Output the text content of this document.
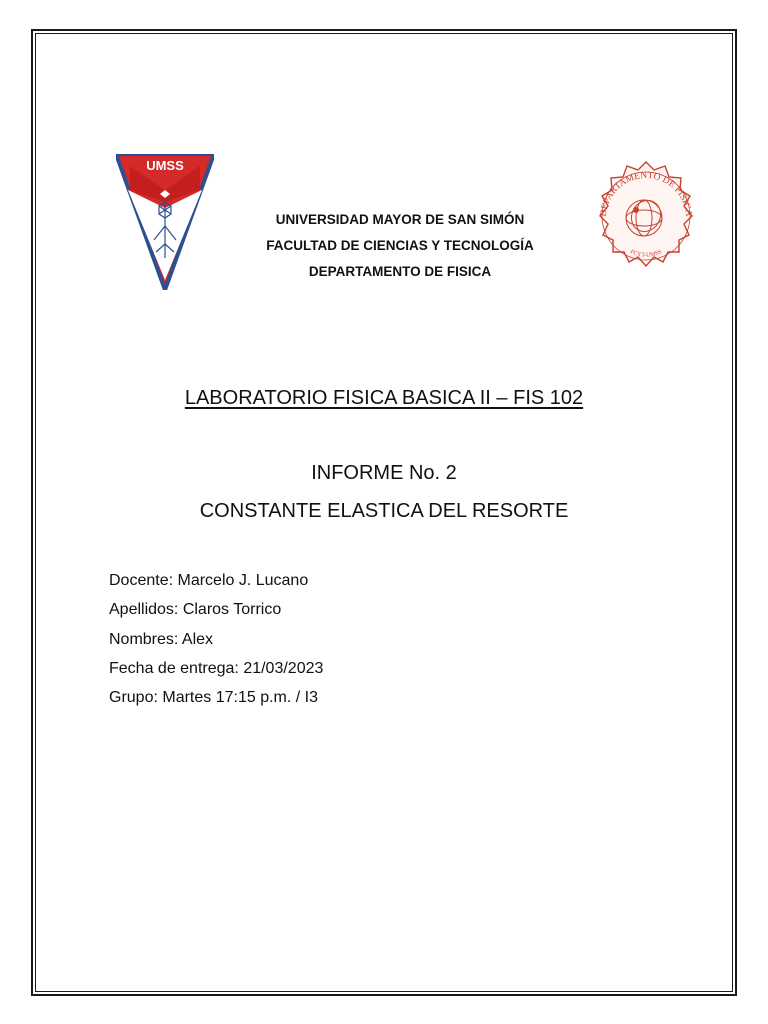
UMSS
DEPARTAMENTO DE FISICA
FCYT-UMSS
UNIVERSIDAD MAYOR DE SAN SIMÓN
FACULTAD DE CIENCIAS Y TECNOLOGÍA
DEPARTAMENTO DE FISICA
LABORATORIO FISICA BASICA II – FIS 102
INFORME No. 2
CONSTANTE ELASTICA DEL RESORTE
Docente: Marcelo J. Lucano
Apellidos: Claros Torrico
Nombres: Alex
Fecha de entrega: 21/03/2023
Grupo: Martes 17:15 p.m. / I3
